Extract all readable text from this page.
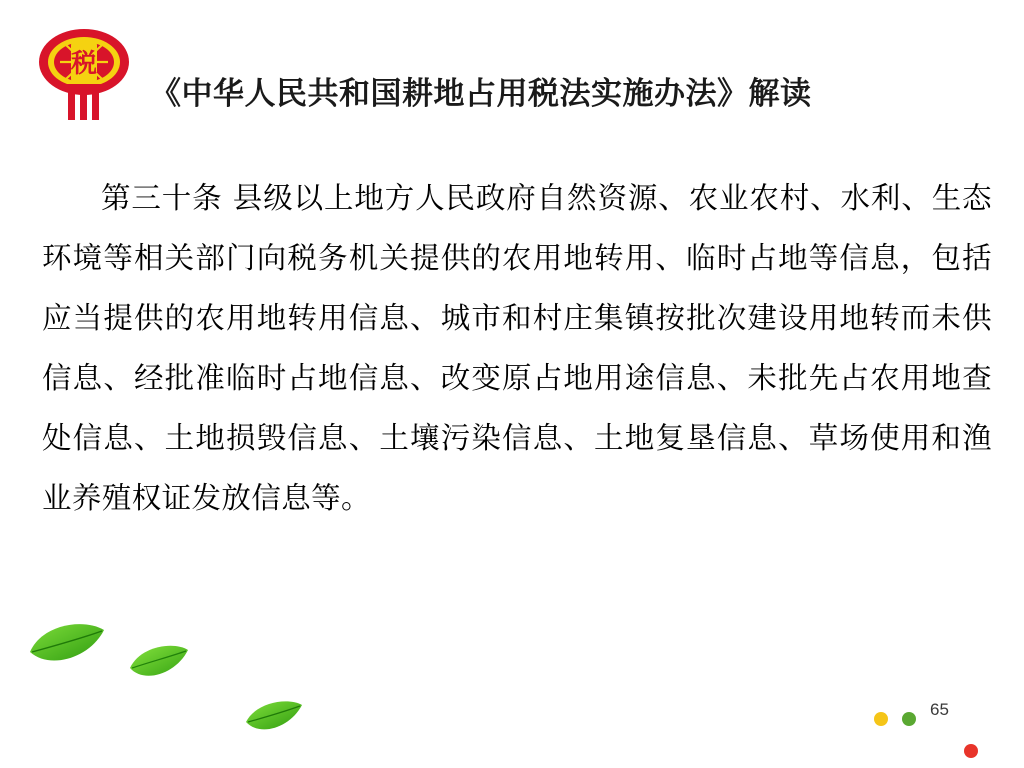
税
《中华人民共和国耕地占用税法实施办法》解读
第三十条 县级以上地方人民政府自然资源、农业农村、水利、生态环境等相关部门向税务机关提供的农用地转用、临时占地等信息，包括应当提供的农用地转用信息、城市和村庄集镇按批次建设用地转而未供信息、经批准临时占地信息、改变原占地用途信息、未批先占农用地查处信息、土地损毁信息、土壤污染信息、土地复垦信息、草场使用和渔业养殖权证发放信息等。
65
